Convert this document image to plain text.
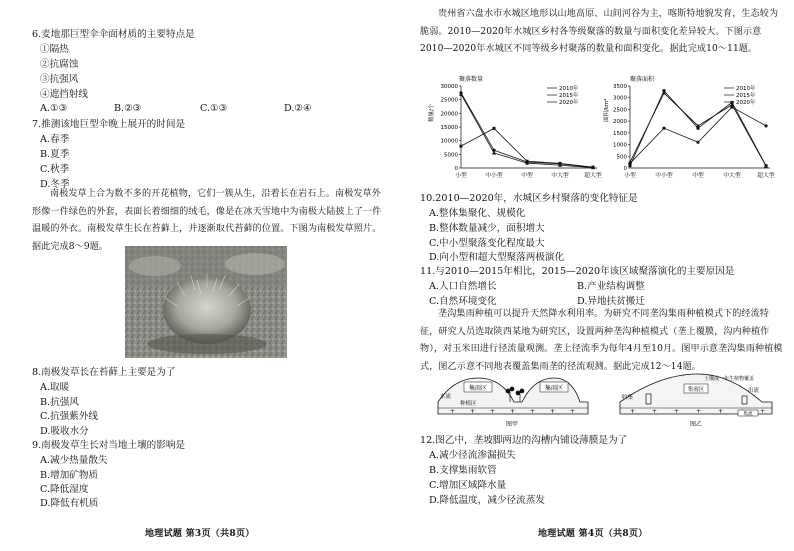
6.麦地那巨型伞伞面材质的主要特点是
①隔热
②抗腐蚀
③抗强风
④遮挡射线
A.①③	B.②③	C.①③	D.②④
7.推测该地巨型伞晚上展开的时间是
A.春季
B.夏季
C.秋季
D.冬季
南极发草上合为数不多的开花植物，它们一簇从生，沿着长在岩石上。南极发草外形像一件绿色的外套，表面长着细细的绒毛，像是在冰天雪地中为南极大陆披上了一件温暖的外衣。南极发草生长在苔藓上，并逐渐取代苔藓的位置。下图为南极发草照片。据此完成8～9题。
8.南极发草长在苔藓上主要是为了
A.取暖
B.抗强风
C.抗强紫外线
D.吸收水分
9.南极发草生长对当地土壤的影响是
A.减少热量散失
B.增加矿物质
C.降低湿度
D.降低有机质
地理试题 第3页（共8页）
贵州省六盘水市水城区地形以山地高原、山间河谷为主，喀斯特地貌发育，生态较为脆弱。2010—2020年水城区乡村各等级聚落的数量与面积变化差异较大。下图示意2010—2020年水城区不同等级乡村聚落的数量和面积变化。据此完成10～11题。
聚落数量
数量/个
0
5000
10000
15000
20000
25000
30000
小型	中小型	中型	中大型	超大型
2010年
2015年
2020年
聚落面积
面积/km²
0
500
1000
1500
2000
2500
3000
3500
小型	中小型	中型	中大型	超大型
2010年
2015年
2020年
10.2010—2020年，水城区乡村聚落的变化特征是
A.整体集聚化、规模化
B.整体数量减少，面积增大
C.中小型聚落变化程度最大
D.向小型和超大型聚落两极演化
11.与2010—2015年相比，2015—2020年该区域聚落演化的主要原因是
A.人口自然增长	B.产业结构调整
C.自然环境变化	D.异地扶贫搬迁
垄沟集雨种植可以提升天然降水利用率。为研究不同垄沟集雨种植模式下的经流特征，研究人员选取陕西某地为研究区，设置两种垄沟种植模式（垄上覆膜，沟内种植作物），对玉米田进行径流量观测。垄上径流季为每年4月至10月。图甲示意垄沟集雨种植模式，图乙示意不同地表覆盖集雨垄的径流观测。据此完成12～14题。
+ + + + + + +
集雨区	集雨区
种植区
水流
图甲
+	+	+	+	+	+
集雨区
土壤或一年生植物覆盖
收集
出流
集流
图乙
12.图乙中，垄坡脚两边的沟槽内铺设薄膜是为了
A.减少径流渗漏损失
B.支撑集雨软管
C.增加区域降水量
D.降低温度，减少径流蒸发
地理试题 第4页（共8页）
